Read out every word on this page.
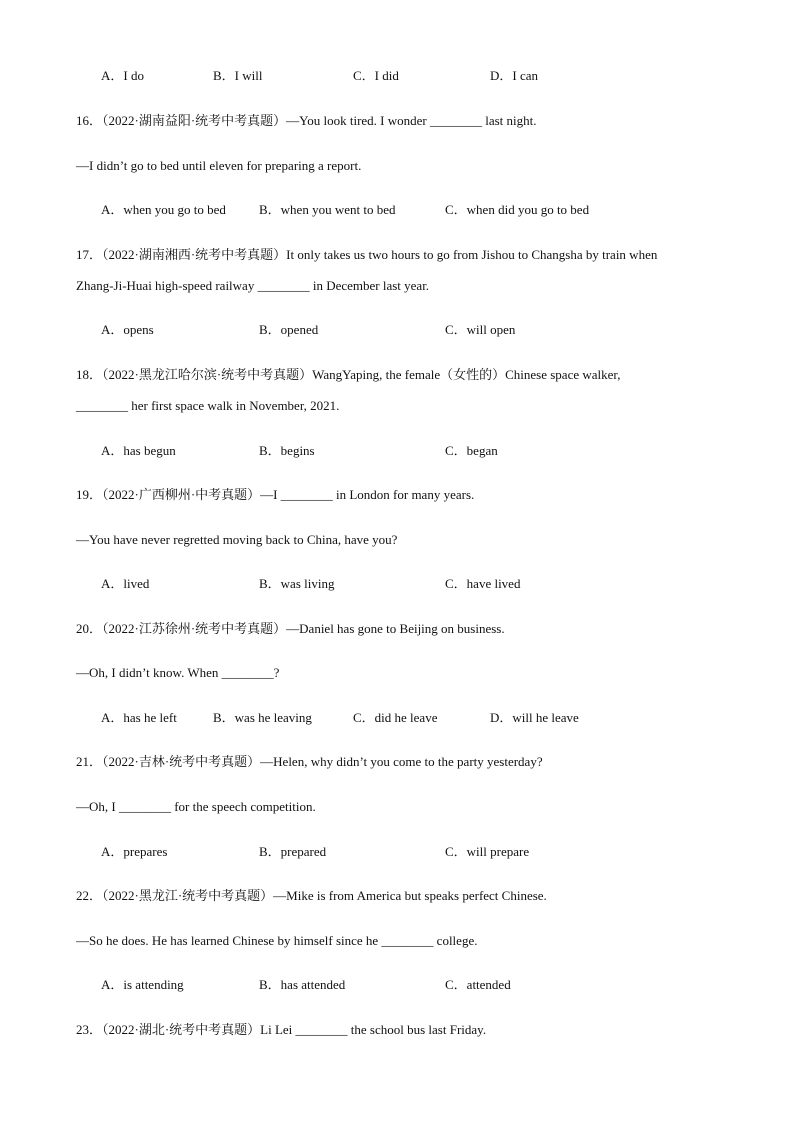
A．I do	B．I will	C．I did	D．I can
16．（2022·湖南益阳·统考中考真题）—You look tired. I wonder ________ last night.
—I didn’t go to bed until eleven for preparing a report.
A．when you go to bed	B．when you went to bed	C．when did you go to bed
17．（2022·湖南湘西·统考中考真题）It only takes us two hours to go from Jishou to Changsha by train when
Zhang-Ji-Huai high-speed railway ________ in December last year.
A．opens	B．opened	C．will open
18．（2022·黑龙江哈尔滨·统考中考真题）WangYaping, the female（女性的）Chinese space walker,
________ her first space walk in November, 2021.
A．has begun	B．begins	C．began
19．（2022·广西柳州·中考真题）—I ________ in London for many years.
—You have never regretted moving back to China, have you?
A．lived	B．was living	C．have lived
20．（2022·江苏徐州·统考中考真题）—Daniel has gone to Beijing on business.
—Oh, I didn’t know. When ________?
A．has he left	B．was he leaving	C．did he leave	D．will he leave
21．（2022·吉林·统考中考真题）—Helen, why didn’t you come to the party yesterday?
—Oh, I ________ for the speech competition.
A．prepares	B．prepared	C．will prepare
22．（2022·黑龙江·统考中考真题）—Mike is from America but speaks perfect Chinese.
—So he does. He has learned Chinese by himself since he ________ college.
A．is attending	B．has attended	C．attended
23．（2022·湖北·统考中考真题）Li Lei ________ the school bus last Friday.
